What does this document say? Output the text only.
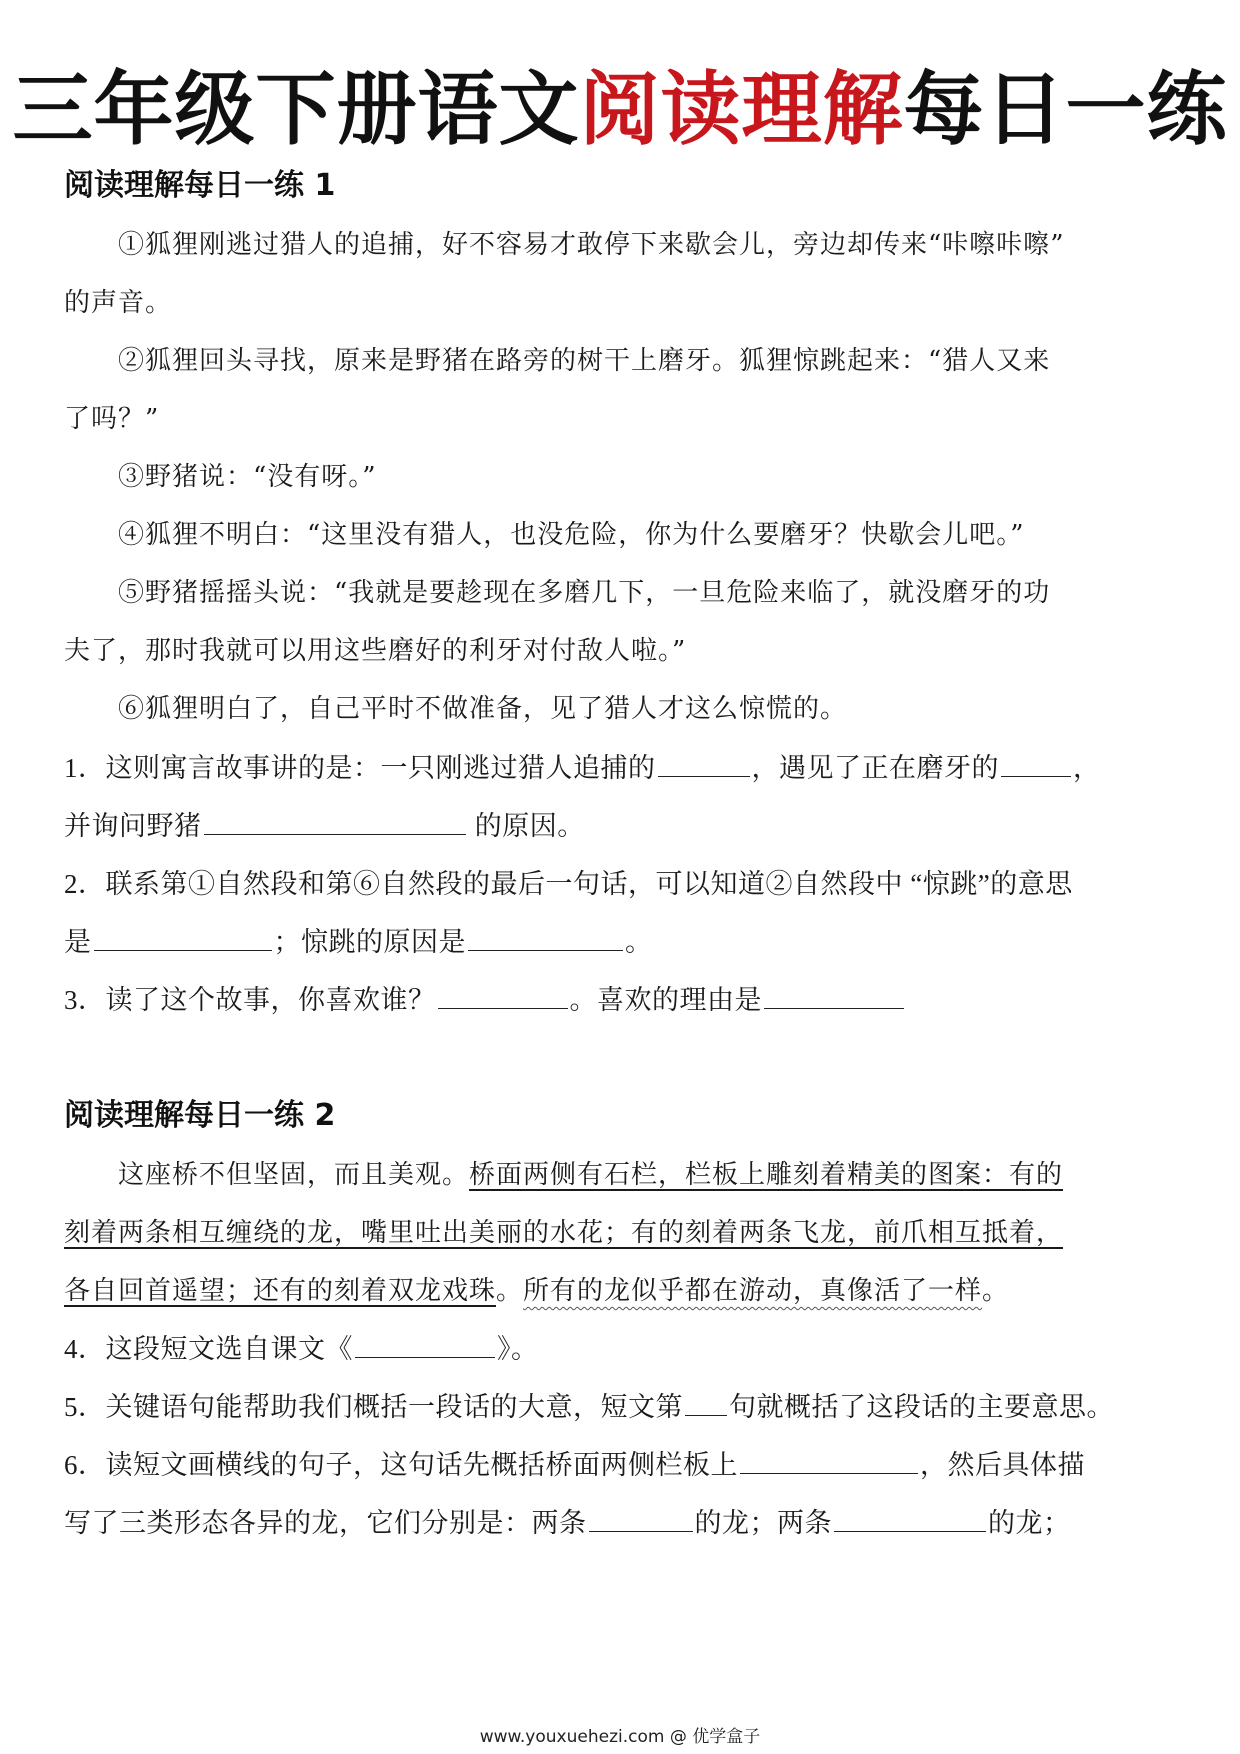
三年级下册语文阅读理解每日一练
阅读理解每日一练 1
①狐狸刚逃过猎人的追捕，好不容易才敢停下来歇会儿，旁边却传来“咔嚓咔嚓”
的声音。
②狐狸回头寻找，原来是野猪在路旁的树干上磨牙。狐狸惊跳起来：“猎人又来
了吗？”
③野猪说：“没有呀。”
④狐狸不明白：“这里没有猎人，也没危险，你为什么要磨牙？快歇会儿吧。”
⑤野猪摇摇头说：“我就是要趁现在多磨几下，一旦危险来临了，就没磨牙的功
夫了，那时我就可以用这些磨好的利牙对付敌人啦。”
⑥狐狸明白了，自己平时不做准备，见了猎人才这么惊慌的。
1．这则寓言故事讲的是：一只刚逃过猎人追捕的	，遇见了正在磨牙的	，
并询问野猪	的原因。
2．联系第①自然段和第⑥自然段的最后一句话，可以知道②自然段中 “惊跳”的意思
是	；惊跳的原因是	。
3．读了这个故事，你喜欢谁？	。喜欢的理由是
阅读理解每日一练 2
这座桥不但坚固，而且美观。桥面两侧有石栏，栏板上雕刻着精美的图案：有的
刻着两条相互缠绕的龙，嘴里吐出美丽的水花；有的刻着两条飞龙，前爪相互抵着，
各自回首遥望；还有的刻着双龙戏珠。所有的龙似乎都在游动，真像活了一样。
4．这段短文选自课文《	》。
5．关键语句能帮助我们概括一段话的大意，短文第 句就概括了这段话的主要意思。
6．读短文画横线的句子，这句话先概括桥面两侧栏板上	，然后具体描
写了三类形态各异的龙，它们分别是：两条	的龙；两条	的龙；
www.youxuehezi.com @ 优学盒子
